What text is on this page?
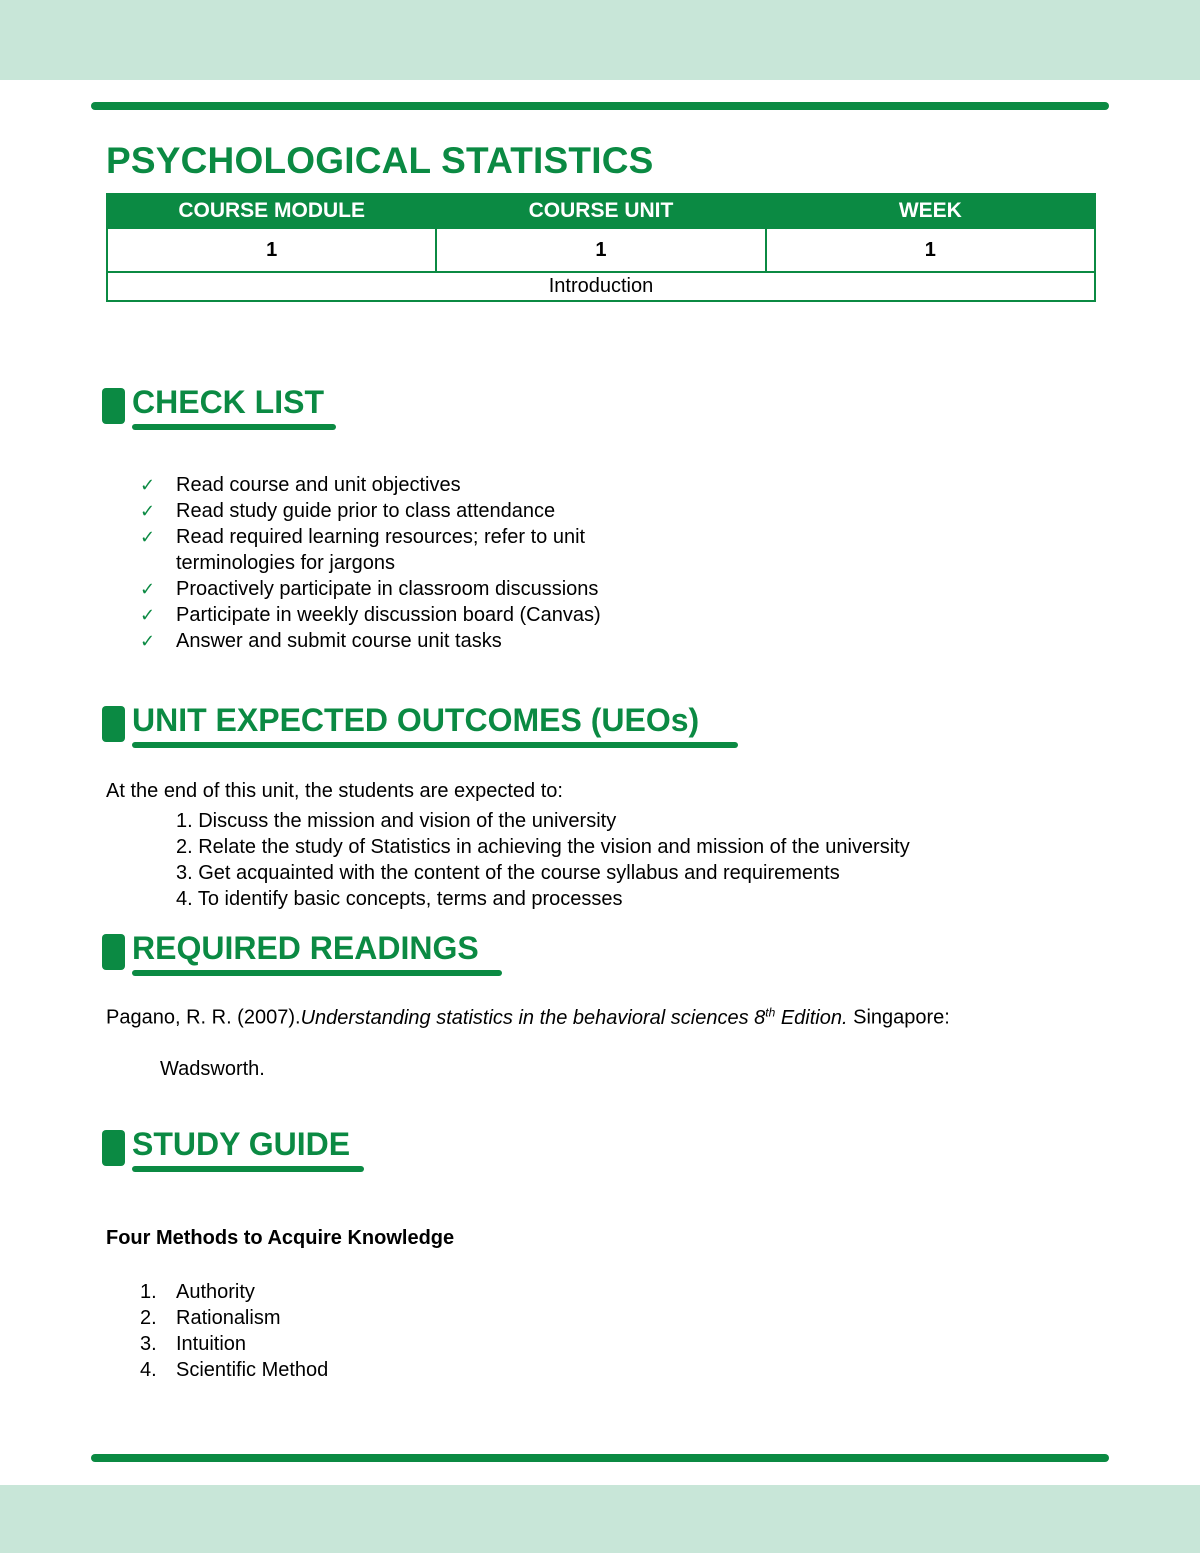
PSYCHOLOGICAL STATISTICS
COURSE MODULE	COURSE UNIT	WEEK
1	1	1
Introduction		
CHECK LIST
✓ Read course and unit objectives
✓ Read study guide prior to class attendance
✓ Read required learning resources; refer to unit terminologies for jargons
✓ Proactively participate in classroom discussions
✓ Participate in weekly discussion board (Canvas)
✓ Answer and submit course unit tasks
UNIT EXPECTED OUTCOMES (UEOs)

At the end of this unit, the students are expected to:

1. Discuss the mission and vision of the university
2. Relate the study of Statistics in achieving the vision and mission of the university
3. Get acquainted with the content of the course syllabus and requirements
4. To identify basic concepts, terms and processes
REQUIRED READINGS

Pagano, R. R. (2007).Understanding statistics in the behavioral sciences 8th Edition. Singapore:

Wadsworth.

STUDY GUIDE

Four Methods to Acquire Knowledge

1. Authority
2. Rationalism
3. Intuition
4. Scientific Method
